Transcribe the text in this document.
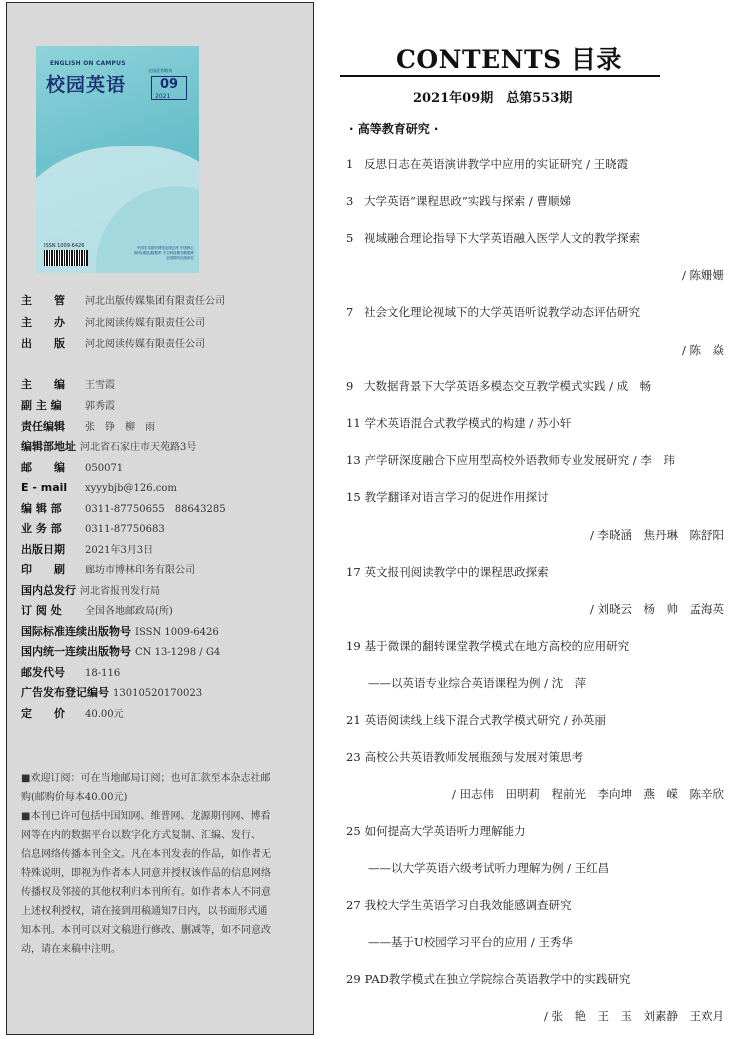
ENGLISH ON CAMPUS
全国优秀期刊
校园英语	09
2021
ISSN 1009-6426	中国学术期刊网络出版总库 中国核心期刊(遴选)数据库 中文科技期刊数据库 全国期刊出版单位
主　　管 河北出版传媒集团有限责任公司
主　　办 河北阅读传媒有限责任公司
出　　版 河北阅读传媒有限责任公司
主　　编 王雪霞
副 主 编 郭秀霞
责任编辑 张　铮　柳　雨
编辑部地址 河北省石家庄市天苑路3号
邮　　编 050071
E - mail xyyybjb@126.com
编 辑 部 0311-87750655　88643285
业 务 部 0311-87750683
出版日期 2021年3月3日
印　　刷 廊坊市博林印务有限公司
国内总发行 河北省报刊发行局
订 阅 处 全国各地邮政局(所)
国际标准连续出版物号 ISSN 1009-6426
国内统一连续出版物号 CN 13-1298 / G4
邮发代号 18-116
广告发布登记编号 13010520170023
定　　价 40.00元

■欢迎订阅：可在当地邮局订阅；也可汇款至本杂志社邮

购(邮购价每本40.00元)

■本刊已许可包括中国知网、维普网、龙源期刊网、博看

网等在内的数据平台以数字化方式复制、汇编、发行、

信息网络传播本刊全文。凡在本刊发表的作品，如作者无

特殊说明，即视为作者本人同意并授权该作品的信息网络

传播权及邻接的其他权利归本刊所有。如作者本人不同意

上述权利授权，请在接到用稿通知7日内，以书面形式通

知本刊。本刊可以对文稿进行修改、删减等，如不同意改

动，请在来稿中注明。

CONTENTS 目录
2021年09期　总第553期
· 高等教育研究 ·
1 反思日志在英语演讲教学中应用的实证研究 / 王晓霞
3 大学英语“课程思政”实践与探索 / 曹顺娣
5 视域融合理论指导下大学英语融入医学人文的教学探索
/ 陈姗姗
7 社会文化理论视域下的大学英语听说教学动态评估研究
/ 陈　焱
9 大数据背景下大学英语多模态交互教学模式实践 / 成　畅
11 学术英语混合式教学模式的构建 / 苏小轩
13 产学研深度融合下应用型高校外语教师专业发展研究 / 李　玮
15 教学翻译对语言学习的促进作用探讨
/ 李晓涵　焦丹琳　陈舒阳
17 英文报刊阅读教学中的课程思政探索
/ 刘晓云　杨　帅　孟海英
19 基于微课的翻转课堂教学模式在地方高校的应用研究
——以英语专业综合英语课程为例 / 沈　萍
21 英语阅读线上线下混合式教学模式研究 / 孙英丽
23 高校公共英语教师发展瓶颈与发展对策思考
/ 田志伟　田明莉　程前光　李向坤　燕　嵘　陈辛欣
25 如何提高大学英语听力理解能力
——以大学英语六级考试听力理解为例 / 王红昌
27 我校大学生英语学习自我效能感调查研究
——基于U校园学习平台的应用 / 王秀华
29 PAD教学模式在独立学院综合英语教学中的实践研究
/ 张　艳　王　玉　刘素静　王欢月
